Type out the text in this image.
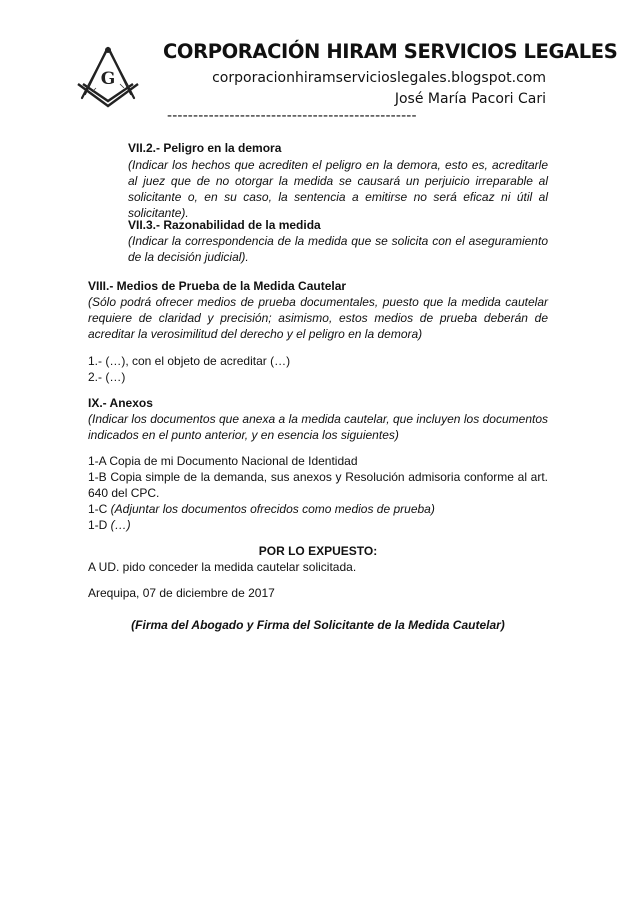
G
CORPORACIÓN HIRAM SERVICIOS LEGALES
corporacionhiramservicioslegales.blogspot.com
José María Pacori Cari
------------------------------------------------
VII.2.- Peligro en la demora
(Indicar los hechos que acrediten el peligro en la demora, esto es, acreditarle al juez que de no otorgar la medida se causará un perjuicio irreparable al solicitante o, en su caso, la sentencia a emitirse no será eficaz ni útil al solicitante).
VII.3.- Razonabilidad de la medida
(Indicar la correspondencia de la medida que se solicita con el aseguramiento de la decisión judicial).
VIII.- Medios de Prueba de la Medida Cautelar
(Sólo podrá ofrecer medios de prueba documentales, puesto que la medida cautelar requiere de claridad y precisión; asimismo, estos medios de prueba deberán de acreditar la verosimilitud del derecho y el peligro en la demora)
1.- (…), con el objeto de acreditar (…)
2.- (…)
IX.- Anexos
(Indicar los documentos que anexa a la medida cautelar, que incluyen los documentos indicados en el punto anterior, y en esencia los siguientes)
1-A Copia de mi Documento Nacional de Identidad
1-B Copia simple de la demanda, sus anexos y Resolución admisoria conforme al art. 640 del CPC.
1-C (Adjuntar los documentos ofrecidos como medios de prueba)
1-D (…)
POR LO EXPUESTO:
A UD. pido conceder la medida cautelar solicitada.
Arequipa, 07 de diciembre de 2017
(Firma del Abogado y Firma del Solicitante de la Medida Cautelar)
